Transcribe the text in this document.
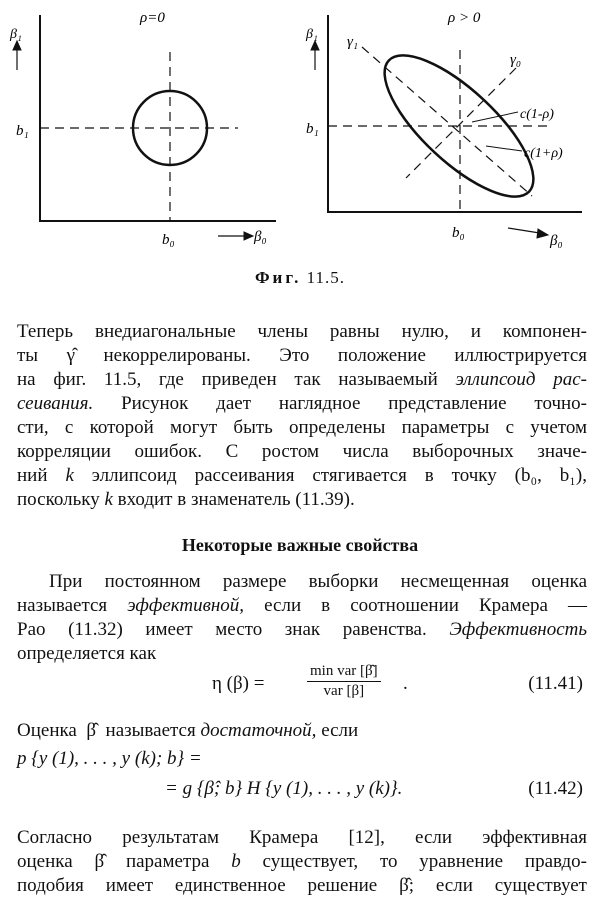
ρ=0
β₁
b₁
b₀	β₀
ρ > 0
β₁ γ₁
γ₀
b₁
c(1-ρ)
c(1+ρ)
b₀	β₀
Фиг. 11.5.
Теперь внедиагональные члены равны нулю, и компонен-
ты γ̂ некоррелированы. Это положение иллюстрируется
на фиг. 11.5, где приведен так называемый эллипсоид рас-
сеивания. Рисунок дает наглядное представление точно-
сти, с которой могут быть определены параметры с учетом
корреляции ошибок. С ростом числа выборочных значе-
ний k эллипсоид рассеивания стягивается в точку (b₀, b₁),
поскольку k входит в знаменатель (11.39).
Некоторые важные свойства
При постоянном размере выборки несмещенная оценка
называется эффективной, если в соотношении Крамера —
Рао (11.32) имеет место знак равенства. Эффективность
определяется как
η (β) =
min var [β̂]
var [β]	.	(11.41)
Оценка β̂ называется достаточной, если
p {y (1), . . . , y (k); b} =
= g {β̂; b} H {y (1), . . . , y (k)}.	(11.42)
Согласно результатам Крамера [12], если эффективная
оценка β̂ параметра b существует, то уравнение правдо-
подобия имеет единственное решение β̂; если существует
